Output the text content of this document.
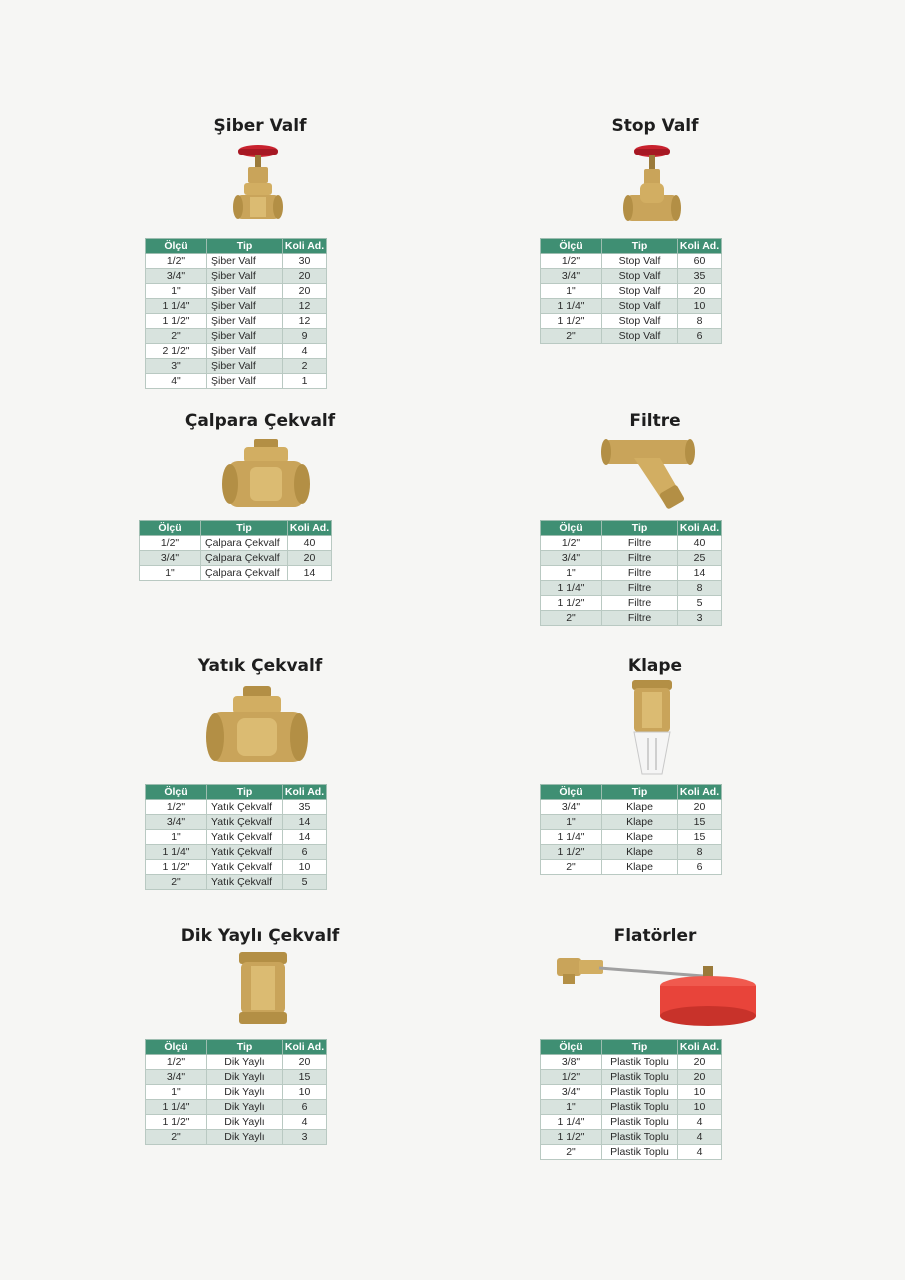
Şiber Valf
Ölçü	Tip	Koli Ad.
1/2"	Şiber Valf	30
3/4"	Şiber Valf	20
1"	Şiber Valf	20
1 1/4"	Şiber Valf	12
1 1/2"	Şiber Valf	12
2"	Şiber Valf	9
2 1/2"	Şiber Valf	4
3"	Şiber Valf	2
4"	Şiber Valf	1
Stop Valf
Ölçü	Tip	Koli Ad.
1/2"	Stop Valf	60
3/4"	Stop Valf	35
1"	Stop Valf	20
1 1/4"	Stop Valf	10
1 1/2"	Stop Valf	8
2"	Stop Valf	6
Çalpara Çekvalf
Ölçü	Tip	Koli Ad.
1/2"	Çalpara Çekvalf	40
3/4"	Çalpara Çekvalf	20
1"	Çalpara Çekvalf	14
Filtre
Ölçü	Tip	Koli Ad.
1/2"	Filtre	40
3/4"	Filtre	25
1"	Filtre	14
1 1/4"	Filtre	8
1 1/2"	Filtre	5
2"	Filtre	3
Yatık Çekvalf
Ölçü	Tip	Koli Ad.
1/2"	Yatık Çekvalf	35
3/4"	Yatık Çekvalf	14
1"	Yatık Çekvalf	14
1 1/4"	Yatık Çekvalf	6
1 1/2"	Yatık Çekvalf	10
2"	Yatık Çekvalf	5
Klape
Ölçü	Tip	Koli Ad.
3/4"	Klape	20
1"	Klape	15
1 1/4"	Klape	15
1 1/2"	Klape	8
2"	Klape	6
Dik Yaylı Çekvalf
Ölçü	Tip	Koli Ad.
1/2"	Dik Yaylı	20
3/4"	Dik Yaylı	15
1"	Dik Yaylı	10
1 1/4"	Dik Yaylı	6
1 1/2"	Dik Yaylı	4
2"	Dik Yaylı	3
Flatörler
Ölçü	Tip	Koli Ad.
3/8"	Plastik Toplu	20
1/2"	Plastik Toplu	20
3/4"	Plastik Toplu	10
1"	Plastik Toplu	10
1 1/4"	Plastik Toplu	4
1 1/2"	Plastik Toplu	4
2"	Plastik Toplu	4
